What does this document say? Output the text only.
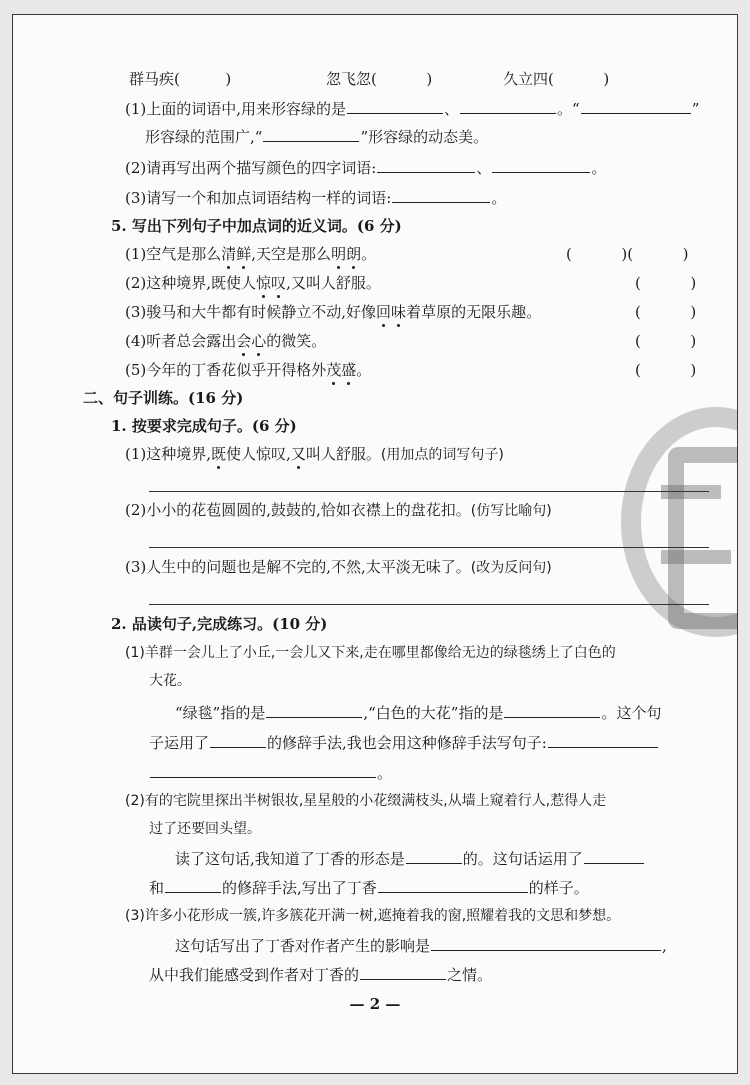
群马疾(  )	忽飞忽(	)	久立四(	)
(1)上面的词语中,用来形容绿的是	、	。“	”
形容绿的范围广,“	”形容绿的动态美。
(2)请再写出两个描写颜色的四字词语:	、	。
(3)请写一个和加点词语结构一样的词语:	。
5. 写出下列句子中加点词的近义词。(6 分)
(1)空气是那么清鲜,天空是那么明朗。	(	)(	)
(2)这种境界,既使人惊叹,又叫人舒服。	(	)
(3)骏马和大牛都有时候静立不动,好像回味着草原的无限乐趣。	(	)
(4)听者总会露出会心的微笑。	(	)
(5)今年的丁香花似乎开得格外茂盛。	(	)
二、句子训练。(16 分)
1. 按要求完成句子。(6 分)
(1)这种境界,既使人惊叹,又叫人舒服。(用加点的词写句子)
(2)小小的花苞圆圆的,鼓鼓的,恰如衣襟上的盘花扣。(仿写比喻句)
(3)人生中的问题也是解不完的,不然,太平淡无味了。(改为反问句)
2. 品读句子,完成练习。(10 分)
(1)羊群一会儿上了小丘,一会儿又下来,走在哪里都像给无边的绿毯绣上了白色的
大花。
“绿毯”指的是	,“白色的大花”指的是	。这个句
子运用了	的修辞手法,我也会用这种修辞手法写句子:
。
(2)有的宅院里探出半树银妆,星星般的小花缀满枝头,从墙上窥着行人,惹得人走
过了还要回头望。
读了这句话,我知道了丁香的形态是	的。这句话运用了
和	的修辞手法,写出了丁香	的样子。
(3)许多小花形成一簇,许多簇花开满一树,遮掩着我的窗,照耀着我的文思和梦想。
这句话写出了丁香对作者产生的影响是	,
从中我们能感受到作者对丁香的	之情。
— 2 —
